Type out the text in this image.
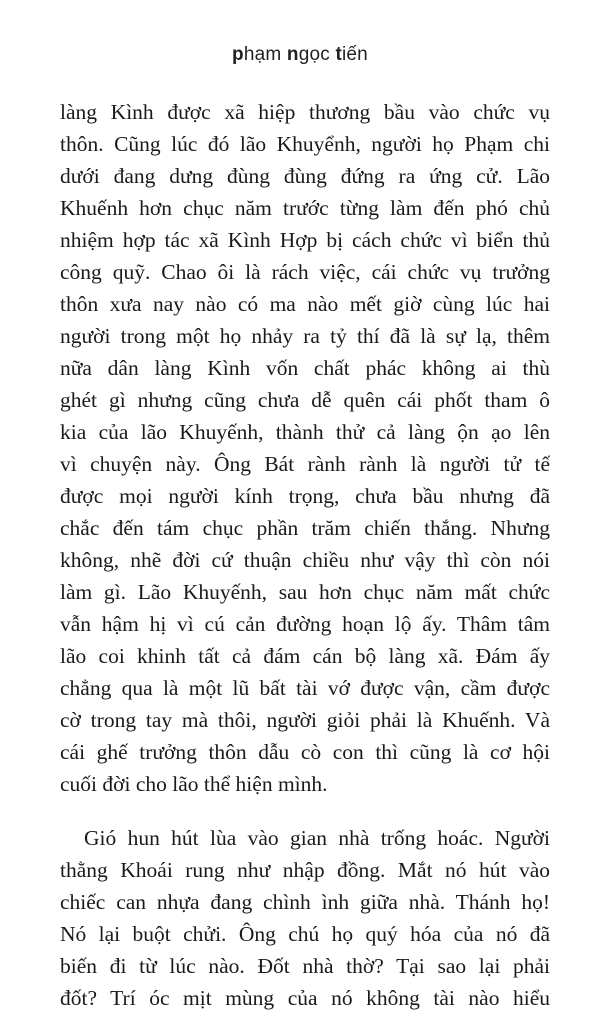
phạm ngọc tiến
làng Kình được xã hiệp thương bầu vào chức vụ
thôn. Cũng lúc đó lão Khuyểnh, người họ Phạm chi
dưới đang dưng đùng đùng đứng ra ứng cử. Lão
Khuếnh hơn chục năm trước từng làm đến phó chủ
nhiệm hợp tác xã Kình Hợp bị cách chức vì biển thủ
công quỹ. Chao ôi là rách việc, cái chức vụ trưởng
thôn xưa nay nào có ma nào mết giờ cùng lúc hai
người trong một họ nhảy ra tỷ thí đã là sự lạ, thêm
nữa dân làng Kình vốn chất phác không ai thù
ghét gì nhưng cũng chưa dễ quên cái phốt tham ô
kia của lão Khuyếnh, thành thử cả làng ộn ạo lên
vì chuyện này. Ông Bát rành rành là người tử tế
được mọi người kính trọng, chưa bầu nhưng đã
chắc đến tám chục phần trăm chiến thắng. Nhưng
không, nhẽ đời cứ thuận chiều như vậy thì còn nói
làm gì. Lão Khuyếnh, sau hơn chục năm mất chức
vẫn hậm hị vì cú cản đường hoạn lộ ấy. Thâm tâm
lão coi khinh tất cả đám cán bộ làng xã. Đám ấy
chẳng qua là một lũ bất tài vớ được vận, cầm được
cờ trong tay mà thôi, người giỏi phải là Khuếnh. Và
cái ghế trưởng thôn dẫu cò con thì cũng là cơ hội
cuối đời cho lão thể hiện mình.
Gió hun hút lùa vào gian nhà trống hoác. Người
thằng Khoái rung như nhập đồng. Mắt nó hút vào
chiếc can nhựa đang chình ình giữa nhà. Thánh họ!
Nó lại buột chửi. Ông chú họ quý hóa của nó đã
biến đi từ lúc nào. Đốt nhà thờ? Tại sao lại phải
đốt? Trí óc mịt mùng của nó không tài nào hiểu
